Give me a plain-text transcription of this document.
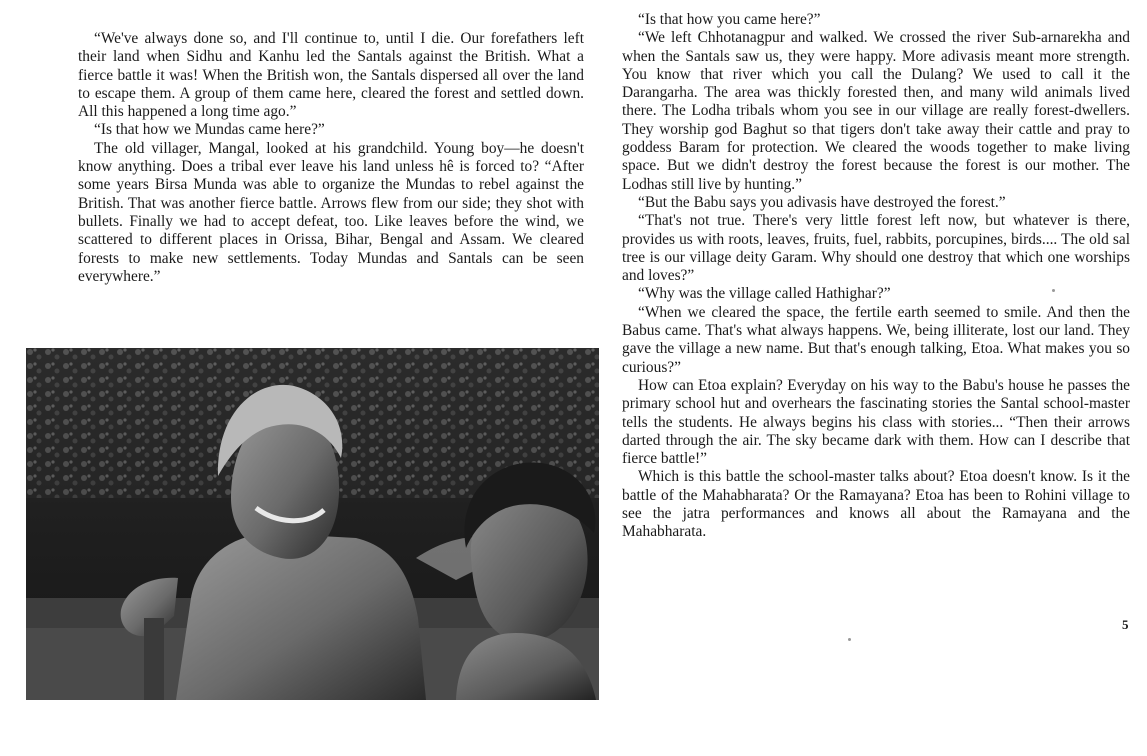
“We've always done so, and I'll continue to, until I die. Our forefathers left their land when Sidhu and Kanhu led the Santals against the British. What a fierce battle it was! When the British won, the Santals dispersed all over the land to escape them. A group of them came here, cleared the forest and settled down. All this happened a long time ago.”

“Is that how we Mundas came here?”

The old villager, Mangal, looked at his grandchild. Young boy—he doesn't know anything. Does a tribal ever leave his land unless hê is forced to? “After some years Birsa Munda was able to organize the Mundas to rebel against the British. That was another fierce battle. Arrows flew from our side; they shot with bullets. Finally we had to accept defeat, too. Like leaves before the wind, we scattered to different places in Orissa, Bihar, Bengal and Assam. We cleared forests to make new settlements. Today Mundas and Santals can be seen everywhere.”

“Is that how you came here?”

“We left Chhotanagpur and walked. We crossed the river Sub-arnarekha and when the Santals saw us, they were happy. More adivasis meant more strength. You know that river which you call the Dulang? We used to call it the Darangarha. The area was thickly forested then, and many wild animals lived there. The Lodha tribals whom you see in our village are really forest-dwellers. They worship god Baghut so that tigers don't take away their cattle and pray to goddess Baram for protection. We cleared the woods together to make living space. But we didn't destroy the forest because the forest is our mother. The Lodhas still live by hunting.”

“But the Babu says you adivasis have destroyed the forest.”

“That's not true. There's very little forest left now, but whatever is there, provides us with roots, leaves, fruits, fuel, rabbits, porcupines, birds.... The old sal tree is our village deity Garam. Why should one destroy that which one worships and loves?”

“Why was the village called Hathighar?”

“When we cleared the space, the fertile earth seemed to smile. And then the Babus came. That's what always happens. We, being illiterate, lost our land. They gave the village a new name. But that's enough talking, Etoa. What makes you so curious?”

How can Etoa explain? Everyday on his way to the Babu's house he passes the primary school hut and overhears the fascinating stories the Santal school-master tells the students. He always begins his class with stories... “Then their arrows darted through the air. The sky became dark with them. How can I describe that fierce battle!”

Which is this battle the school-master talks about? Etoa doesn't know. Is it the battle of the Mahabharata? Or the Ramayana? Etoa has been to Rohini village to see the jatra performances and knows all about the Ramayana and the Mahabharata.

5
